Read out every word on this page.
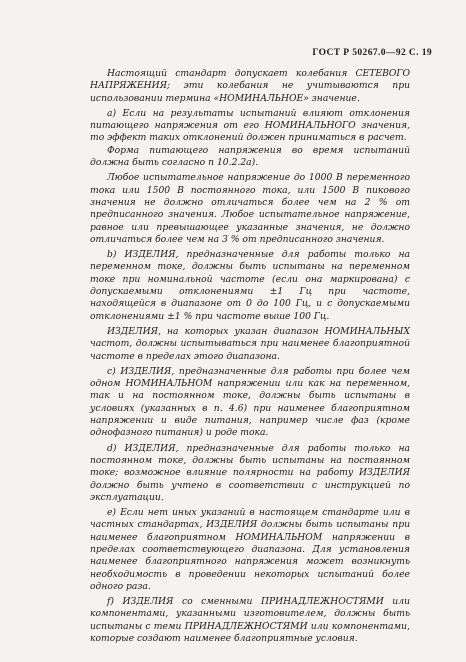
ГОСТ Р 50267.0—92 С. 19

Настоящий стандарт допускает колебания СЕТЕВОГО НАПРЯЖЕНИЯ; эти колебания не учитываются при использовании термина «НОМИНАЛЬНОЕ» значение.

а) Если на результаты испытаний влияют отклонения питающего напряжения от его НОМИНАЛЬНОГО значения, то эффект таких отклонений должен приниматься в расчет.

Форма питающего напряжения во время испытаний должна быть согласно п 10.2.2а).

Любое испытательное напряжение до 1000 В переменного тока или 1500 В постоянного тока, или 1500 В пикового значения не должно отличаться более чем на 2 % от предписанного значения. Любое испытательное напряжение, равное или превышающее указанные значения, не должно отличаться более чем на 3 % от предписанного значения.

b) ИЗДЕЛИЯ, предназначенные для работы только на переменном токе, должны быть испытаны на переменном токе при номинальной частоте (если она маркирована) с допускаемыми отклонениями ±1 Гц при частоте, находящейся в диапазоне от 0 до 100 Гц, и с допускаемыми отклонениями ±1 % при частоте выше 100 Гц.

ИЗДЕЛИЯ, на которых указан диапазон НОМИНАЛЬНЫХ частот, должны испытываться при наименее благоприятной частоте в пределах этого диапазона.

с) ИЗДЕЛИЯ, предназначенные для работы при более чем одном НОМИНАЛЬНОМ напряжении или как на переменном, так и на постоянном токе, должны быть испытаны в условиях (указанных в п. 4.6) при наименее благоприятном напряжении и виде питания, например числе фаз (кроме однофазного питания) и роде тока.

d) ИЗДЕЛИЯ, предназначенные для работы только на постоянном токе, должны быть испытаны на постоянном токе; возможное влияние полярности на работу ИЗДЕЛИЯ должно быть учтено в соответствии с инструкцией по эксплуатации.

е) Если нет иных указаний в настоящем стандарте или в частных стандартах, ИЗДЕЛИЯ должны быть испытаны при наименее благоприятном НОМИНАЛЬНОМ напряжении в пределах соответствующего диапазона. Для установления наименее благоприятного напряжения может возникнуть необходимость в проведении некоторых испытаний более одного раза.

f) ИЗДЕЛИЯ со сменными ПРИНАДЛЕЖНОСТЯМИ или компонентами, указанными изготовителем, должны быть испытаны с теми ПРИНАДЛЕЖНОСТЯМИ или компонентами, которые создают наименее благоприятные условия.
